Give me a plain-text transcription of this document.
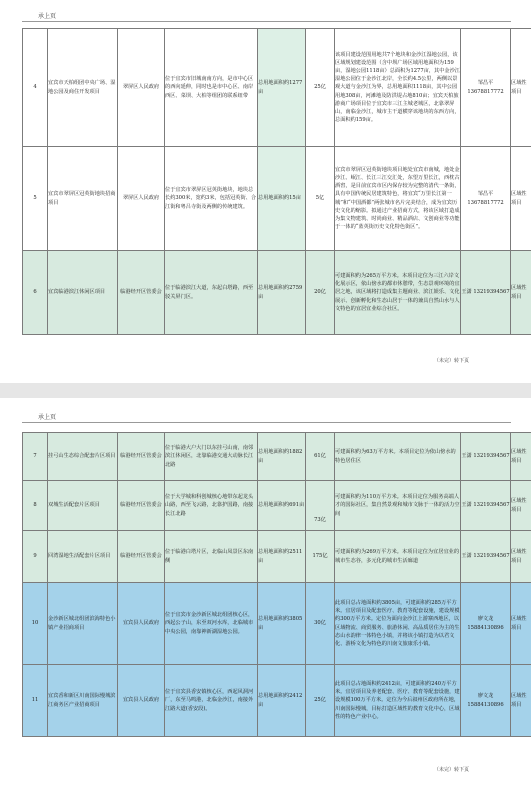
承上页
4	宜宾市天柏组团中央广场、湿地公园及商住开发项目	翠屏区人民政府	位于宜宾市旧城南南方向，是市中心区的西向延伸，同时也是市中心区、南岸西区、菜坝、大柏等组团的联系纽带	总用地面积约1277亩	25亿	该项目建设范围用地共7个地块和金沙江湿地公园，该区域规划建设范围（含中坝广场区域用地面积为159亩，湿地公园1118亩）总面积为1277亩，其中金沙江湿地公园位于金沙江北岸，全长约4.5公里，两侧以景观大道与金沙江为界，总用地面积1118亩，其中公园用地308亩，河滩地及防洪堤占地810亩；宜宾天柏旅游商广场项目位于宜宾市三江主城老城区，北靠翠屏山，南临金沙江，城市主干道横穿该地块的东西方向，总面积约159亩。	邹昌平 13678817772	区域性项目
5	宜宾市翠屏区冠英街地块招商项目	翠屏区人民政府	位于宜宾市翠屏区冠英街地块，地块总长约300米，宽约3米，包括冠英街、合江街和粤吕寺街及两侧的传统建筑。	总用地面积约15亩	5亿	宜宾市翠屏区冠英街地块项目地处宜宾市南城，地处金沙江、岷江、长江三江交汇处，东望万里长江，西枕古酒窖，是目前宜宾市区内保存较为完整的清代一条街，具有中国传统民居建筑特色，将宜宾“万里长江第一城”和“中国酒都”两张城市名片完美结合，成为宜宾历史文化的缩影。拟通过产业招商方式，将该区域打造成为集文物建筑、时尚商业、精品酒店、文创商业等功能于一体的“蓝英街历史文化特色街区”。	邹昌平 13678817772	区域性项目
6	宜宾临港滨江休闲区项目	临港经开区管委会	位于临港滨江大道，东起白塔路，西至驳关屏门区。	总用地面积约2759亩	20亿	可建面积约为265万平方米。本项目定位为三江六岸文化展示区，依山傍水的都市休憩带，生态景观环境的宜居之地，该区域将打造成集主题商业、滨江娱乐、文化展示、创新孵化和生态山居于一体的兼具自然山水与人文特色的宜居宜业综合社区。	王潇 13219394567	区域性项目
（未完）转下页
承上页
7	挂弓山生态综合配套片区项目	临港经开区管委会	位于临港大户大门以东挂弓山南，南邻滨江休闲区，北靠临港交通大动脉长江北路	总用地面积约1882亩	61亿	可建面积约为63万平方米。本项目定位为依山傍水的特色居住区	王潇 13219394567	区域性项目
8	双城生活配套片区项目	临港经开区管委会	位于大学城和科创城核心地带东起龙头山路，西至飞云路，北靠护国路，南接长江北路	总用地面积约691亩	73亿	可建面积约为110万平方米。本项目定位为服务高端人才的国际社区，集自然景观和城市文脉于一体的活力空间	王潇 13219394567	区域性项目
9	回湾湿地生活配套片区项目	临港经开区管委会	位于临港白塔片区，北临山凤景区东南侧	总用地面积约2511亩	175亿	可建面积约为269万平方米。本项目定位为宜居宜业的城市生态谷，多元化的城市生活廊道	王潇 13219394567	区域性项目
10	金沙新区城北组团滨海特色小镇产业招商项目	宜宾县人民政府	位于宜宾市金沙新区城北组团核心区，西起公子山，东至双河水库，北临城市中央公园，南靠神新湖湿地公园。	总用地面积约3805亩	30亿	此项目总占地面积约3805亩，可建面积约285万平方米。宜居项目及配套医疗、教育等配套设施，建设规模约300万平方米。定位为面向金沙江上游寨西地区，以区域物流、商贸服务、旅游休闲、高品质居住为主的生态山水韵律一体特色小镇，并将该小镇打造为以君文化、游桥文化为特色的川南文旅康乐小镇。	廖文龙 15884130896	区域性项目
11	宜宾香和新区川南国际慢城滨江商务区产业招商项目	宜宾县人民政府	位于宜宾县香安镇核心区，西起风洞河厂，东至马鸣港，北临金沙江，南接外江路大道(香安段)。	总用地面积约2412亩	25亿	此项目总占地面积约2412亩，可建面积约240万平方米。宜居项目及养老配套、医疗、教育等配套设施，建设规模100万平方米。定位为今后叙州区政府所在地，川南国际慢城，目标打造区域性的教育文化中心，区域性的特色产业中心。	廖文龙 15884130896	区域性项目
（未完）转下页
